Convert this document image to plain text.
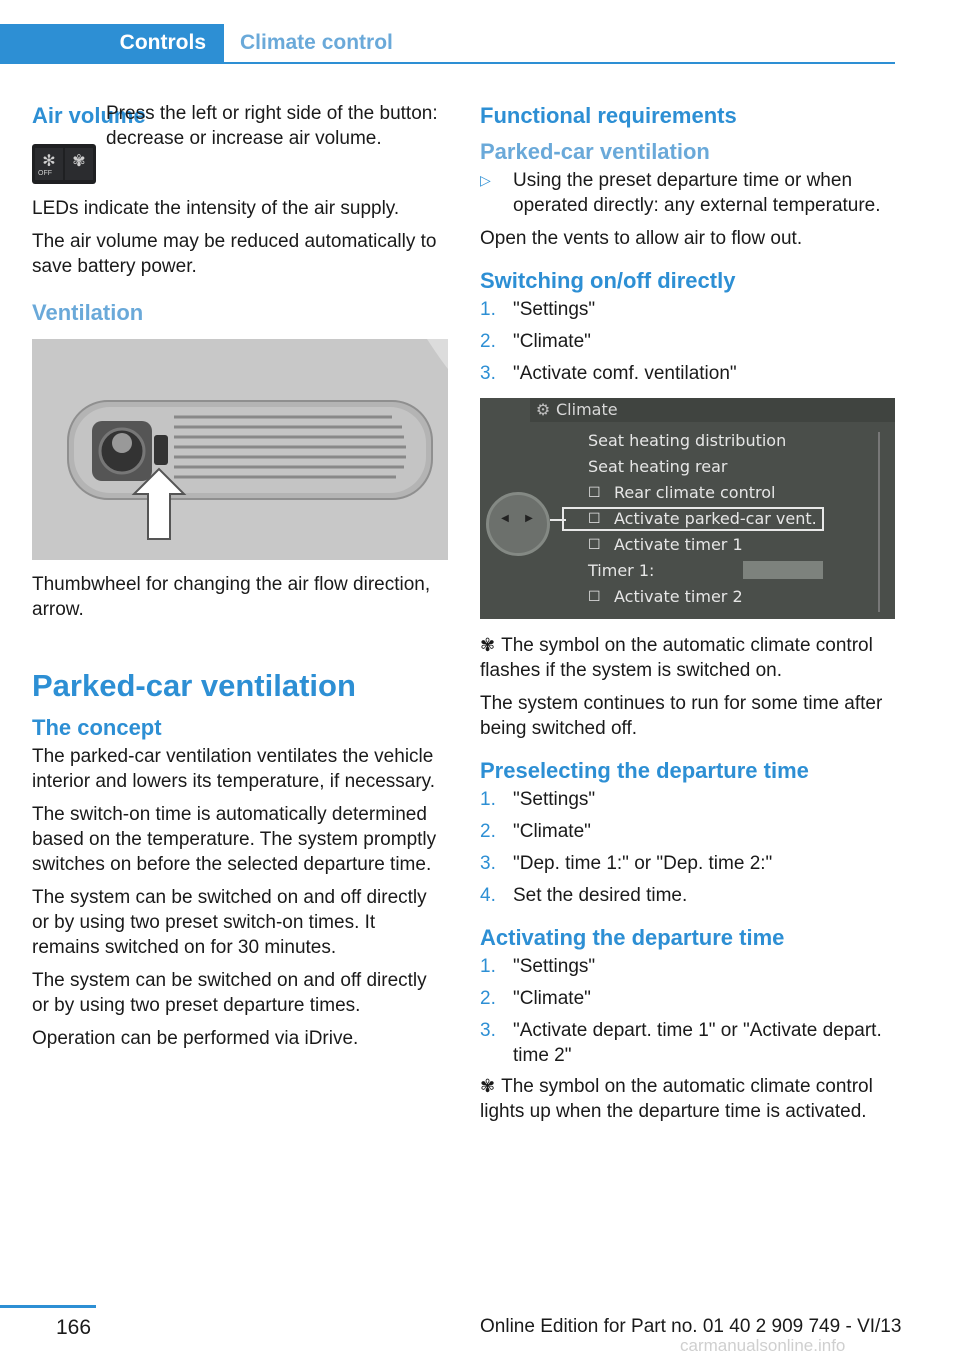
Controls	Climate control
Air volume
✻
OFF
✾

Press the left or right side of the button: decrease or increase air volume.

LEDs indicate the intensity of the air supply.

The air volume may be reduced automatically to save battery power.

Ventilation

Thumbwheel for changing the air flow direction, arrow.

Parked-car ventilation
The concept

The parked-car ventilation ventilates the vehicle interior and lowers its temperature, if necessary.

The switch-on time is automatically determined based on the temperature. The system promptly switches on before the selected departure time.

The system can be switched on and off directly or by using two preset switch-on times. It remains switched on for 30 minutes.

The system can be switched on and off directly or by using two preset departure times.

Operation can be performed via iDrive.

Functional requirements
Parked-car ventilation
▷ Using the preset departure time or when operated directly: any external temperature.

Open the vents to allow air to flow out.

Switching on/off directly
1. "Settings"
2. "Climate"
3. "Activate comf. ventilation"
⚙ Climate
◀	▶
Seat heating distribution
Seat heating rear
☐ Rear climate control
☐ Activate parked-car vent.
☐ Activate timer 1
Timer 1:
☐ Activate timer 2

✾ The symbol on the automatic climate control flashes if the system is switched on.

The system continues to run for some time after being switched off.

Preselecting the departure time
1. "Settings"
2. "Climate"
3. "Dep. time 1:" or "Dep. time 2:"
4. Set the desired time.
Activating the departure time
1. "Settings"
2. "Climate"
3. "Activate depart. time 1" or "Activate depart. time 2"

✾ The symbol on the automatic climate control lights up when the departure time is activated.

166	Online Edition for Part no. 01 40 2 909 749 - VI/13
carmanualsonline.info
